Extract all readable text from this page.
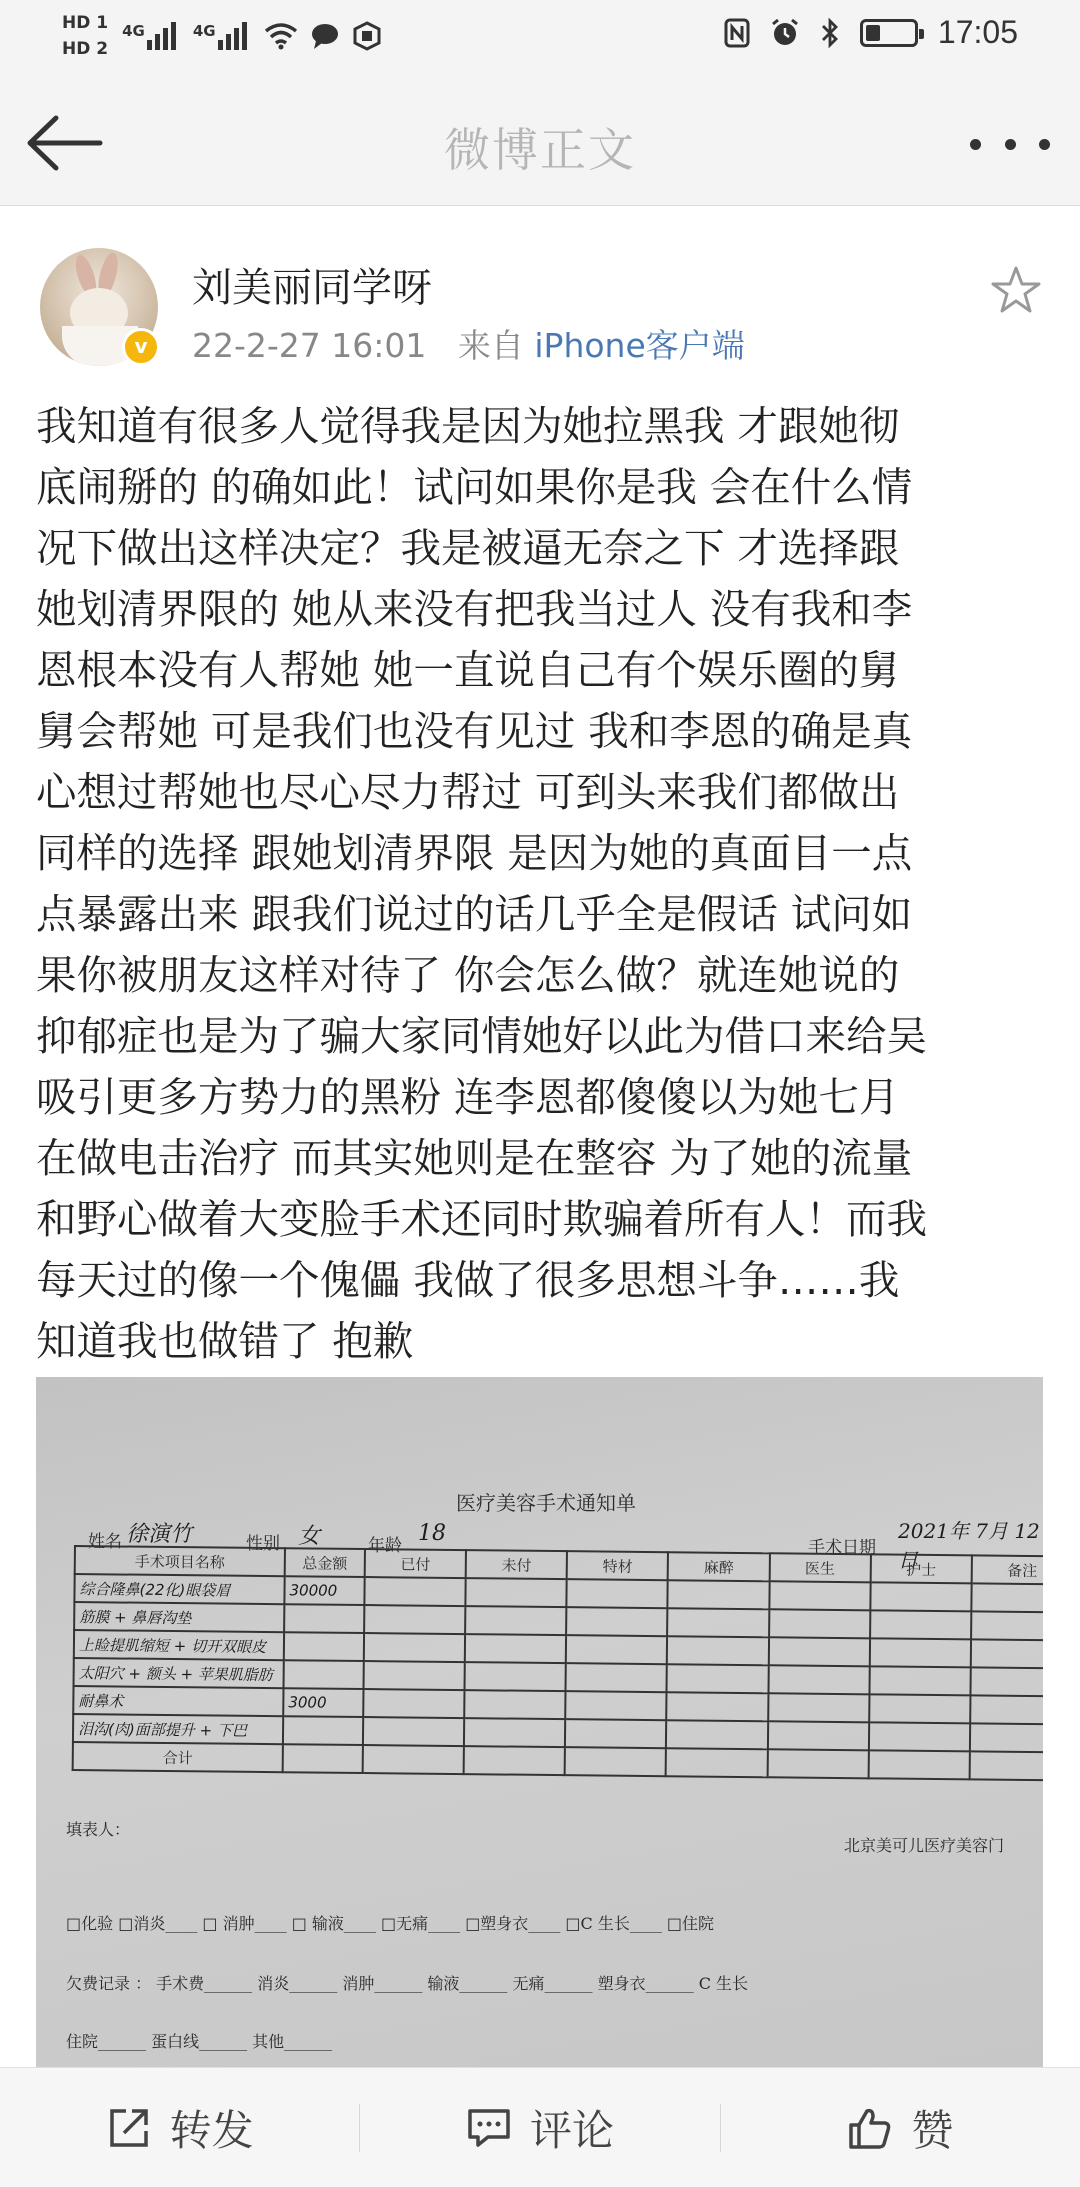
HD 1
HD 2
4G	4G	17:05
微博正文
v
刘美丽同学呀
22-2-27 16:01 来自 iPhone客户端
我知道有很多人觉得我是因为她拉黑我 才跟她彻
底闹掰的 的确如此！试问如果你是我 会在什么情
况下做出这样决定？我是被逼无奈之下 才选择跟
她划清界限的 她从来没有把我当过人 没有我和李
恩根本没有人帮她 她一直说自己有个娱乐圈的舅
舅会帮她 可是我们也没有见过 我和李恩的确是真
心想过帮她也尽心尽力帮过 可到头来我们都做出
同样的选择 跟她划清界限 是因为她的真面目一点
点暴露出来 跟我们说过的话几乎全是假话 试问如
果你被朋友这样对待了 你会怎么做？就连她说的
抑郁症也是为了骗大家同情她好以此为借口来给吴
吸引更多方势力的黑粉 连李恩都傻傻以为她七月
在做电击治疗 而其实她则是在整容 为了她的流量
和野心做着大变脸手术还同时欺骗着所有人！而我
每天过的像一个傀儡 我做了很多思想斗争……我
知道我也做错了 抱歉
医疗美容手术通知单
姓名 徐演竹	性别 女	年龄 18
手术日期
2021年 7月 12日
手术项目名称	总金额	已付	未付	特材	麻醉	医生	护士	备注
综合隆鼻(22化)眼袋眉	30000							
筋膜 + 鼻唇沟垫								
上睑提肌缩短 + 切开双眼皮								
太阳穴 + 额头 + 苹果肌脂肪								
耐鼻术	3000							
泪沟(肉)面部提升 + 下巴								
合计								
填表人：
北京美可儿医疗美容门
□化验 □消炎____ □ 消肿____ □ 输液____ □无痛____ □塑身衣____ □C 生长____ □住院
欠费记录 ： 手术费______ 消炎______ 消肿______ 输液______ 无痛______ 塑身衣______ C 生长
住院______ 蛋白线______ 其他______
转发	评论	赞
